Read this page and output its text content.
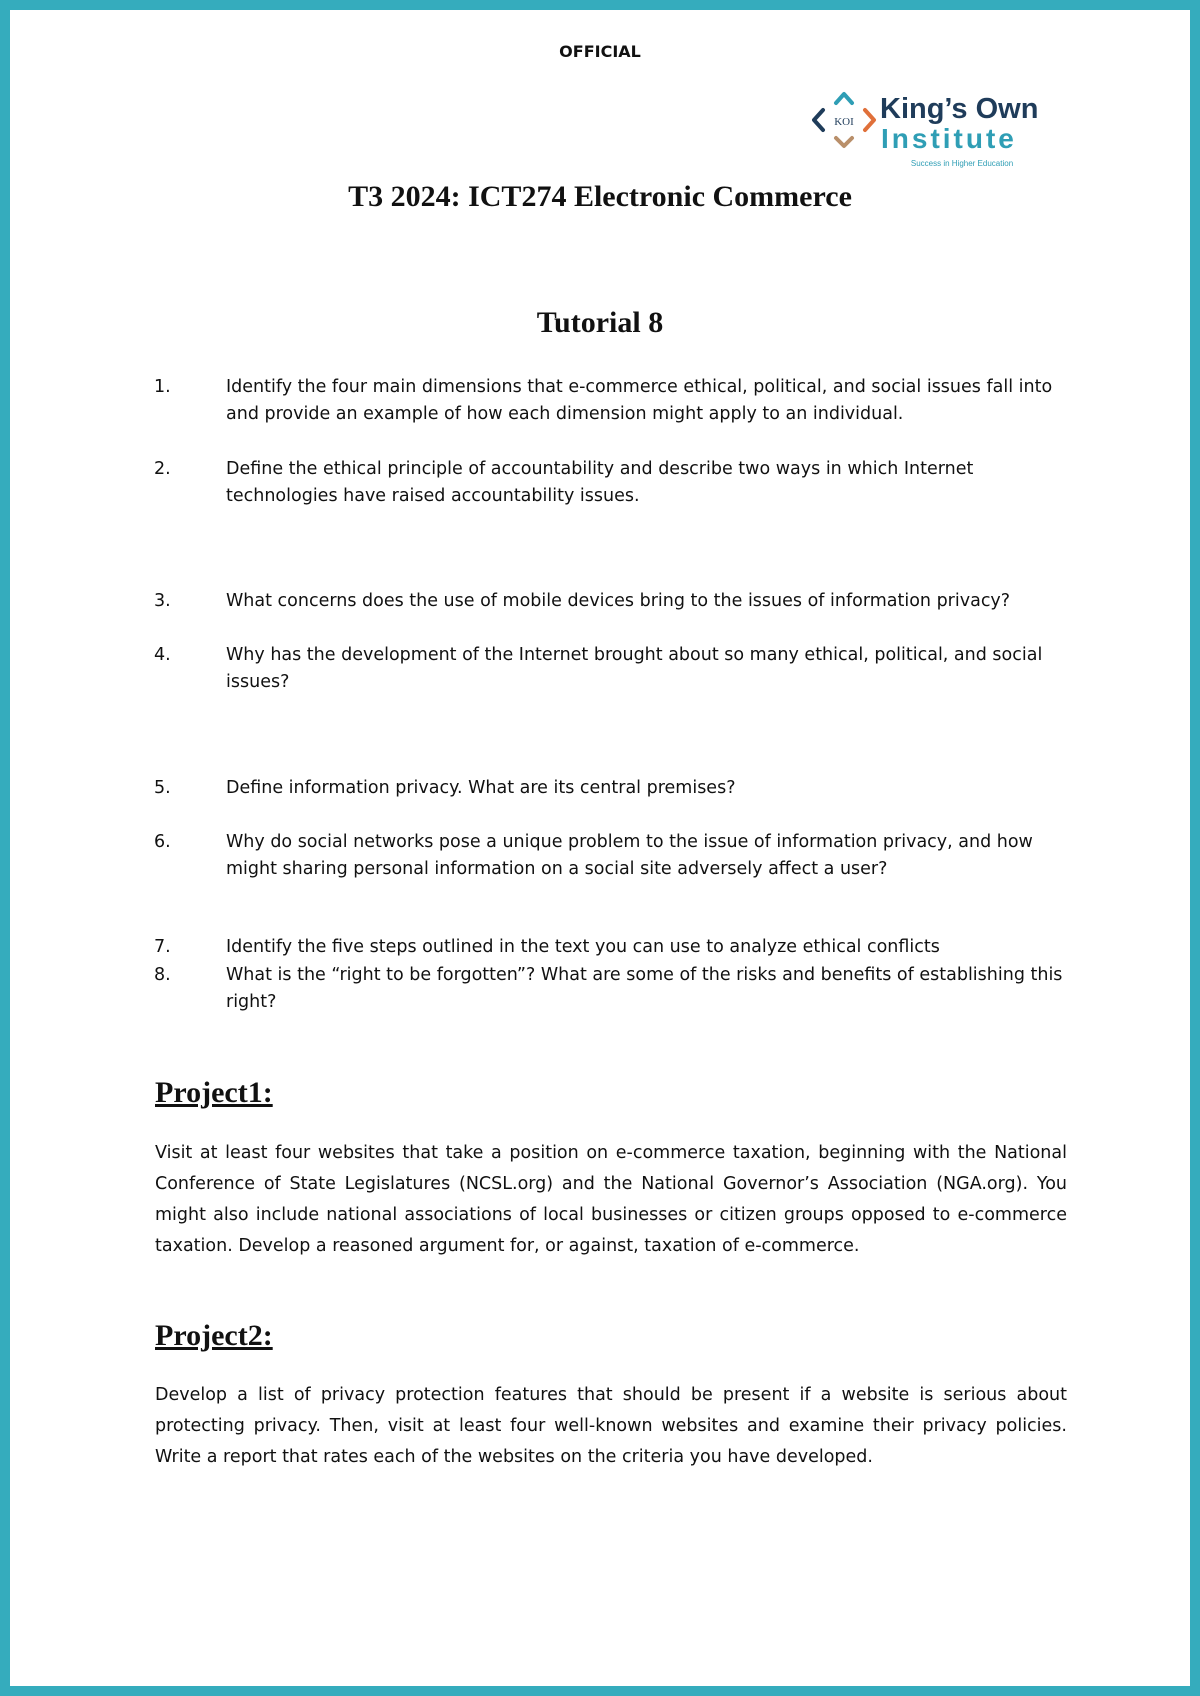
OFFICIAL
KOI King’s Own
Institute
Success in Higher Education
T3 2024: ICT274 Electronic Commerce
Tutorial 8
1.	Identify the four main dimensions that e-commerce ethical, political, and social issues fall into and provide an example of how each dimension might apply to an individual.
2.	Define the ethical principle of accountability and describe two ways in which Internet technologies have raised accountability issues.
3.	What concerns does the use of mobile devices bring to the issues of information privacy?
4.	Why has the development of the Internet brought about so many ethical, political, and social issues?
5.	Define information privacy. What are its central premises?
6.	Why do social networks pose a unique problem to the issue of information privacy, and how might sharing personal information on a social site adversely affect a user?
7.	Identify the five steps outlined in the text you can use to analyze ethical conflicts
8.	What is the “right to be forgotten”? What are some of the risks and benefits of establishing this right?
Project1:
Visit at least four websites that take a position on e-commerce taxation, beginning with the National Conference of State Legislatures (NCSL.org) and the National Governor’s Association (NGA.org). You might also include national associations of local businesses or citizen groups opposed to e-commerce taxation. Develop a reasoned argument for, or against, taxation of e-commerce.
Project2:
Develop a list of privacy protection features that should be present if a website is serious about protecting privacy. Then, visit at least four well-known websites and examine their privacy policies. Write a report that rates each of the websites on the criteria you have developed.
